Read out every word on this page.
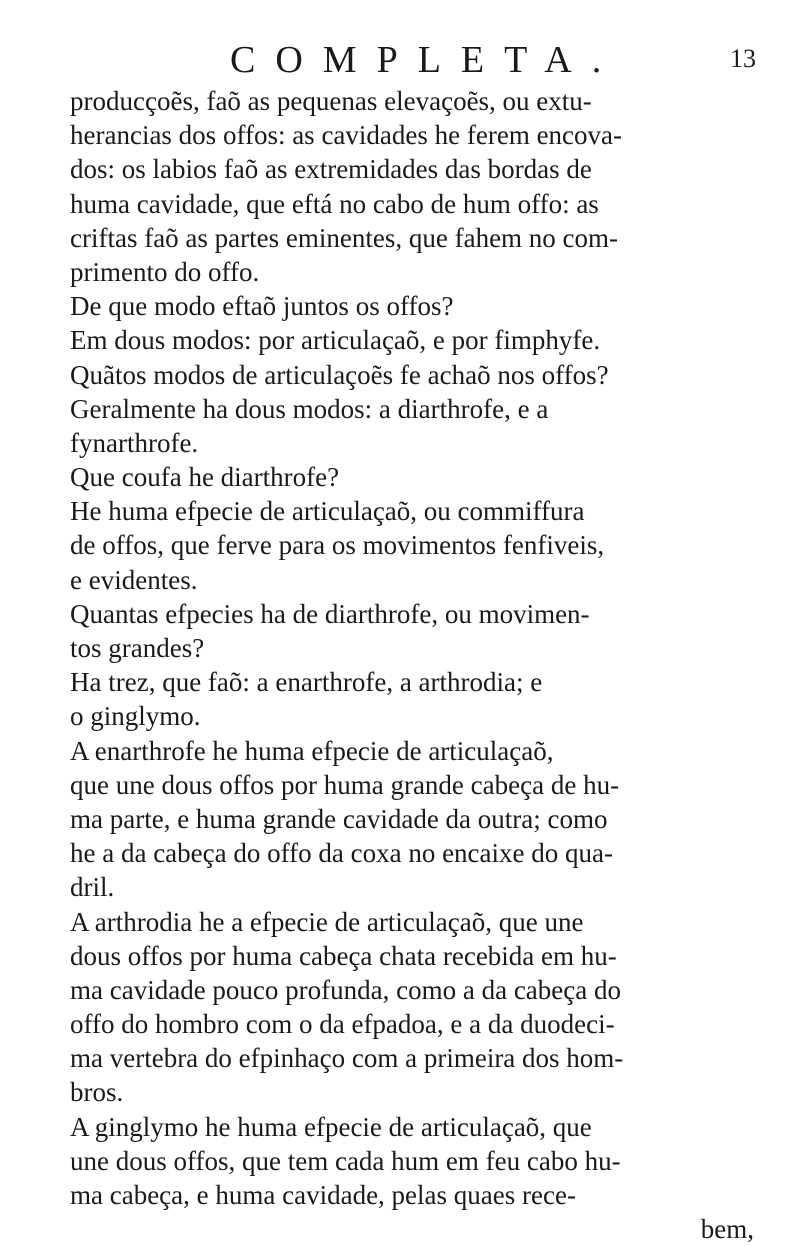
COMPLETA.	13
producçoẽs, faõ as pequenas elevaçoẽs, ou extu-
herancias dos offos: as cavidades he ferem encova-
dos: os labios faõ as extremidades das bordas de
huma cavidade, que eftá no cabo de hum offo: as
criftas faõ as partes eminentes, que fahem no com-
primento do offo.
De que modo eftaõ juntos os offos?
Em dous modos: por articulaçaõ, e por fimphyfe.
Quãtos modos de articulaçoẽs fe achaõ nos offos?
Geralmente ha dous modos: a diarthrofe, e a
fynarthrofe.
Que coufa he diarthrofe?
He huma efpecie de articulaçaõ, ou commiffura
de offos, que ferve para os movimentos fenfiveis,
e evidentes.
Quantas efpecies ha de diarthrofe, ou movimen-
tos grandes?
Ha trez, que faõ: a enarthrofe, a arthrodia; e
o ginglymo.
A enarthrofe he huma efpecie de articulaçaõ,
que une dous offos por huma grande cabeça de hu-
ma parte, e huma grande cavidade da outra; como
he a da cabeça do offo da coxa no encaixe do qua-
dril.
A arthrodia he a efpecie de articulaçaõ, que une
dous offos por huma cabeça chata recebida em hu-
ma cavidade pouco profunda, como a da cabeça do
offo do hombro com o da efpadoa, e a da duodeci-
ma vertebra do efpinhaço com a primeira dos hom-
bros.
A ginglymo he huma efpecie de articulaçaõ, que
une dous offos, que tem cada hum em feu cabo hu-
ma cabeça, e huma cavidade, pelas quaes rece-
bem,
